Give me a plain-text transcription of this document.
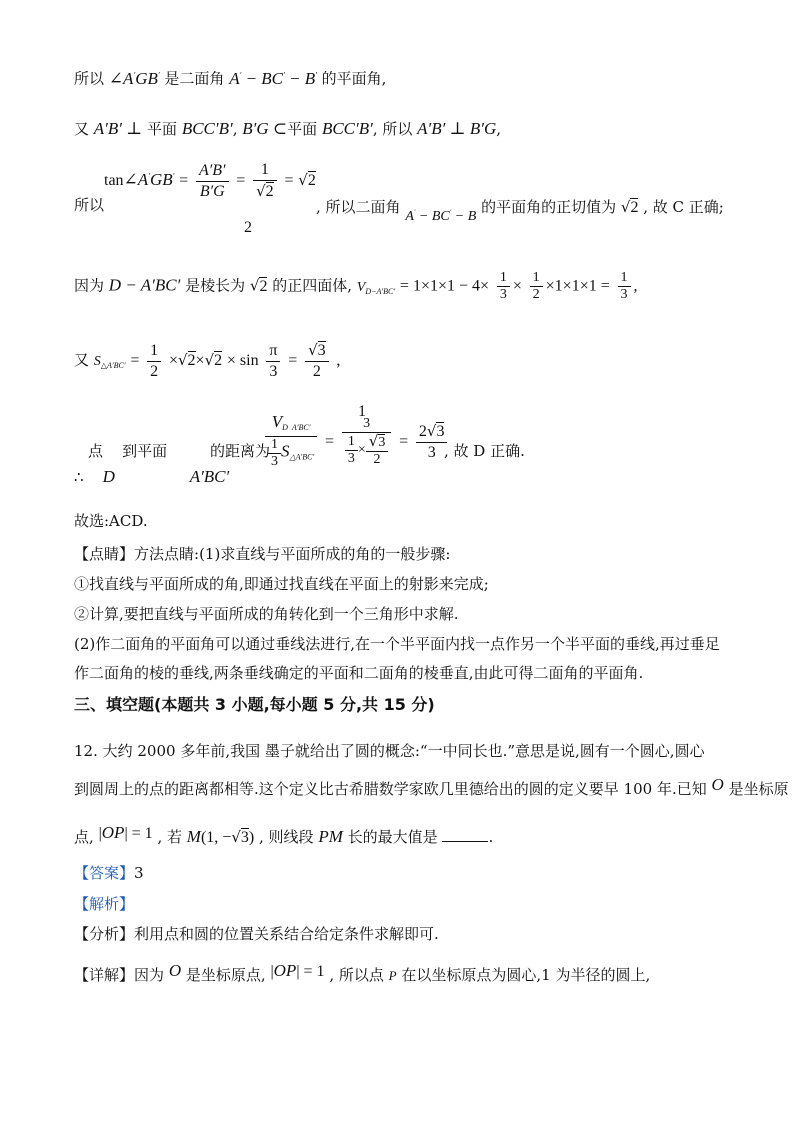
所以 ∠A′GB′ 是二面角 A′ − BC′ − B′ 的平面角,
又 A′B′ ⊥ 平面 BCC′B′, B′G ⊂平面 BCC′B′, 所以 A′B′ ⊥ B′G,
tan∠A′GB′ = $\frac{A'B'}{B'G} = \frac{1}{√2} = √2$
2
所以	, 所以二面角 A′ − BC′ − B 的平面角的正切值为 √2 , 故 C 正确;
因为 D − A′BC′ 是棱长为 √2 的正四面体, $V_{D-A'BC'} = 1\times 1\times 1 - 4\times \frac{1}{3} \times \frac{1}{2} \times 1\times 1\times 1 = \frac{1}{3}$ ,
又 $S_{\triangle A'BC'} = \frac{1}{2} \times√2\times√2 \times \sin \frac{\pi}{3} = \frac{√3}{2}$ ,
1
$\frac{V_{D A'BC'}}{\frac{1}{3} S_{\triangle A'BC'}} = \frac{3}{\frac{1}{3} \times \frac{√3}{2}} = \frac{2√3}{3}$
点 到平面	的距离为	, 故 D 正确.
∴ D	A′BC′
故选:ACD.
【点睛】方法点睛:(1)求直线与平面所成的角的一般步骤:
①找直线与平面所成的角,即通过找直线在平面上的射影来完成;
②计算,要把直线与平面所成的角转化到一个三角形中求解.
(2)作二面角的平面角可以通过垂线法进行,在一个半平面内找一点作另一个半平面的垂线,再过垂足
作二面角的棱的垂线,两条垂线确定的平面和二面角的棱垂直,由此可得二面角的平面角.
三、填空题(本题共 3 小题,每小题 5 分,共 15 分)
12. 大约 2000 多年前,我国 墨子就给出了圆的概念:“一中同长也.”意思是说,圆有一个圆心,圆心
到圆周上的点的距离都相等.这个定义比古希腊数学家欧几里德给出的圆的定义要早 100 年.已知 O 是坐标原
点, |OP| = 1 , 若 M(1, −√3) , 则线段 PM 长的最大值是	.
【答案】3
【解析】
【分析】利用点和圆的位置关系结合给定条件求解即可.
【详解】因为 O 是坐标原点, |OP| = 1 , 所以点 P 在以坐标原点为圆心,1 为半径的圆上,
